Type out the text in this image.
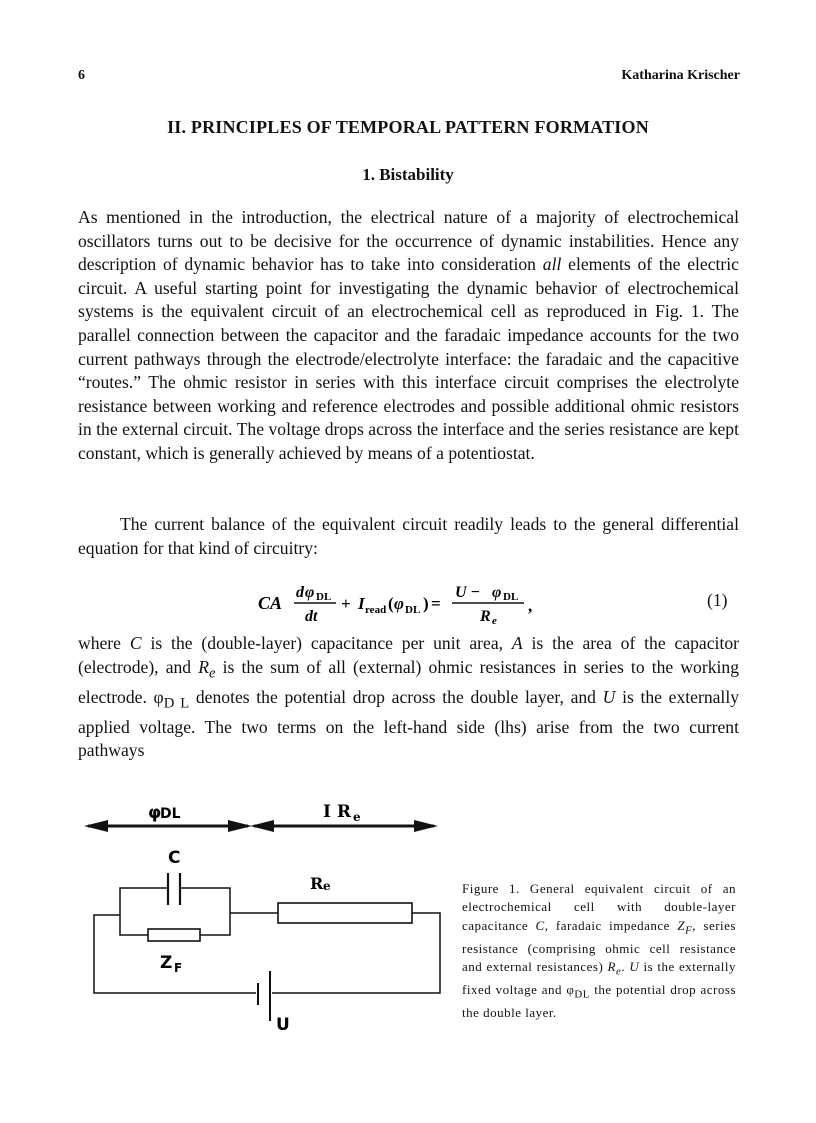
6	Katharina Krischer
II. PRINCIPLES OF TEMPORAL PATTERN FORMATION
1. Bistability

As mentioned in the introduction, the electrical nature of a majority of electrochemical oscillators turns out to be decisive for the occurrence of dynamic instabilities. Hence any description of dynamic behavior has to take into consideration all elements of the electric circuit. A useful starting point for investigating the dynamic behavior of electrochemical systems is the equivalent circuit of an electrochemical cell as reproduced in Fig. 1. The parallel connection between the capacitor and the faradaic impedance accounts for the two current pathways through the electrode/electrolyte interface: the faradaic and the capacitive “routes.” The ohmic resistor in series with this interface circuit comprises the electrolyte resistance between working and reference electrodes and possible additional ohmic resistors in the external circuit. The voltage drops across the interface and the series resistance are kept constant, which is generally achieved by means of a potentiostat.

The current balance of the equivalent circuit readily leads to the general differential equation for that kind of circuitry:

CA
d φ DL
dt
+ I read ( φ DL ) =
U − φ DL
R e
,	(1)

where C is the (double-layer) capacitance per unit area, A is the area of the capacitor (electrode), and $R_e$ is the sum of all (external) ohmic resistances in series to the working electrode. $\varphi_{D L}$ denotes the potential drop across the double layer, and U is the externally applied voltage. The two terms on the left-hand side (lhs) arise from the two current pathways

φ
DL	I R e
C
Z F
R e
U
Figure 1. General equivalent circuit of an electrochemical cell with double-layer capacitance C, faradaic impedance $Z_F$, series resistance (comprising ohmic cell resistance and external resistances) $R_e$. U is the externally fixed voltage and $\varphi_{DL}$ the potential drop across the double layer.
